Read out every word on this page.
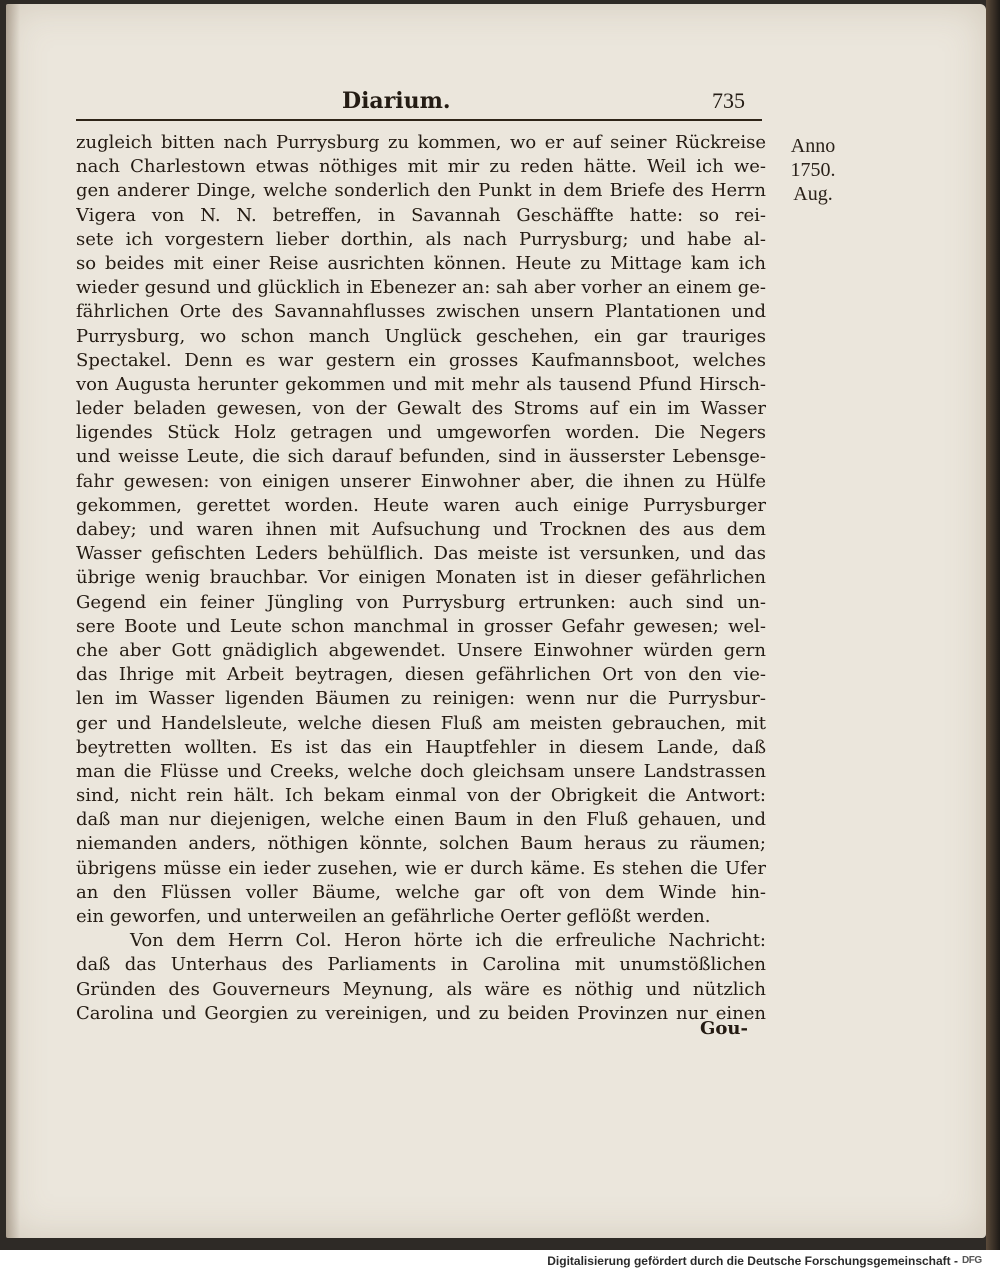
Diarium.	735
Anno
1750.
Aug.
zugleich bitten nach Purrysburg zu kommen, wo er auf seiner Rückreise
nach Charlestown etwas nöthiges mit mir zu reden hätte. Weil ich we-
gen anderer Dinge, welche sonderlich den Punkt in dem Briefe des Herrn
Vigera von N. N. betreffen, in Savannah Geschäffte hatte: so rei-
sete ich vorgestern lieber dorthin, als nach Purrysburg; und habe al-
so beides mit einer Reise ausrichten können. Heute zu Mittage kam ich
wieder gesund und glücklich in Ebenezer an: sah aber vorher an einem ge-
fährlichen Orte des Savannahflusses zwischen unsern Plantationen und
Purrysburg, wo schon manch Unglück geschehen, ein gar trauriges
Spectakel. Denn es war gestern ein grosses Kaufmannsboot, welches
von Augusta herunter gekommen und mit mehr als tausend Pfund Hirsch-
leder beladen gewesen, von der Gewalt des Stroms auf ein im Wasser
ligendes Stück Holz getragen und umgeworfen worden. Die Negers
und weisse Leute, die sich darauf befunden, sind in äusserster Lebensge-
fahr gewesen: von einigen unserer Einwohner aber, die ihnen zu Hülfe
gekommen, gerettet worden. Heute waren auch einige Purrysburger
dabey; und waren ihnen mit Aufsuchung und Trocknen des aus dem
Wasser gefischten Leders behülflich. Das meiste ist versunken, und das
übrige wenig brauchbar. Vor einigen Monaten ist in dieser gefährlichen
Gegend ein feiner Jüngling von Purrysburg ertrunken: auch sind un-
sere Boote und Leute schon manchmal in grosser Gefahr gewesen; wel-
che aber Gott gnädiglich abgewendet. Unsere Einwohner würden gern
das Ihrige mit Arbeit beytragen, diesen gefährlichen Ort von den vie-
len im Wasser ligenden Bäumen zu reinigen: wenn nur die Purrysbur-
ger und Handelsleute, welche diesen Fluß am meisten gebrauchen, mit
beytretten wollten. Es ist das ein Hauptfehler in diesem Lande, daß
man die Flüsse und Creeks, welche doch gleichsam unsere Landstrassen
sind, nicht rein hält. Ich bekam einmal von der Obrigkeit die Antwort:
daß man nur diejenigen, welche einen Baum in den Fluß gehauen, und
niemanden anders, nöthigen könnte, solchen Baum heraus zu räumen;
übrigens müsse ein ieder zusehen, wie er durch käme. Es stehen die Ufer
an den Flüssen voller Bäume, welche gar oft von dem Winde hin-
ein geworfen, und unterweilen an gefährliche Oerter geflößt werden.
Von dem Herrn Col. Heron hörte ich die erfreuliche Nachricht:
daß das Unterhaus des Parliaments in Carolina mit unumstößlichen
Gründen des Gouverneurs Meynung, als wäre es nöthig und nützlich
Carolina und Georgien zu vereinigen, und zu beiden Provinzen nur einen
Gou-
Digitalisierung gefördert durch die Deutsche Forschungsgemeinschaft - DFG
